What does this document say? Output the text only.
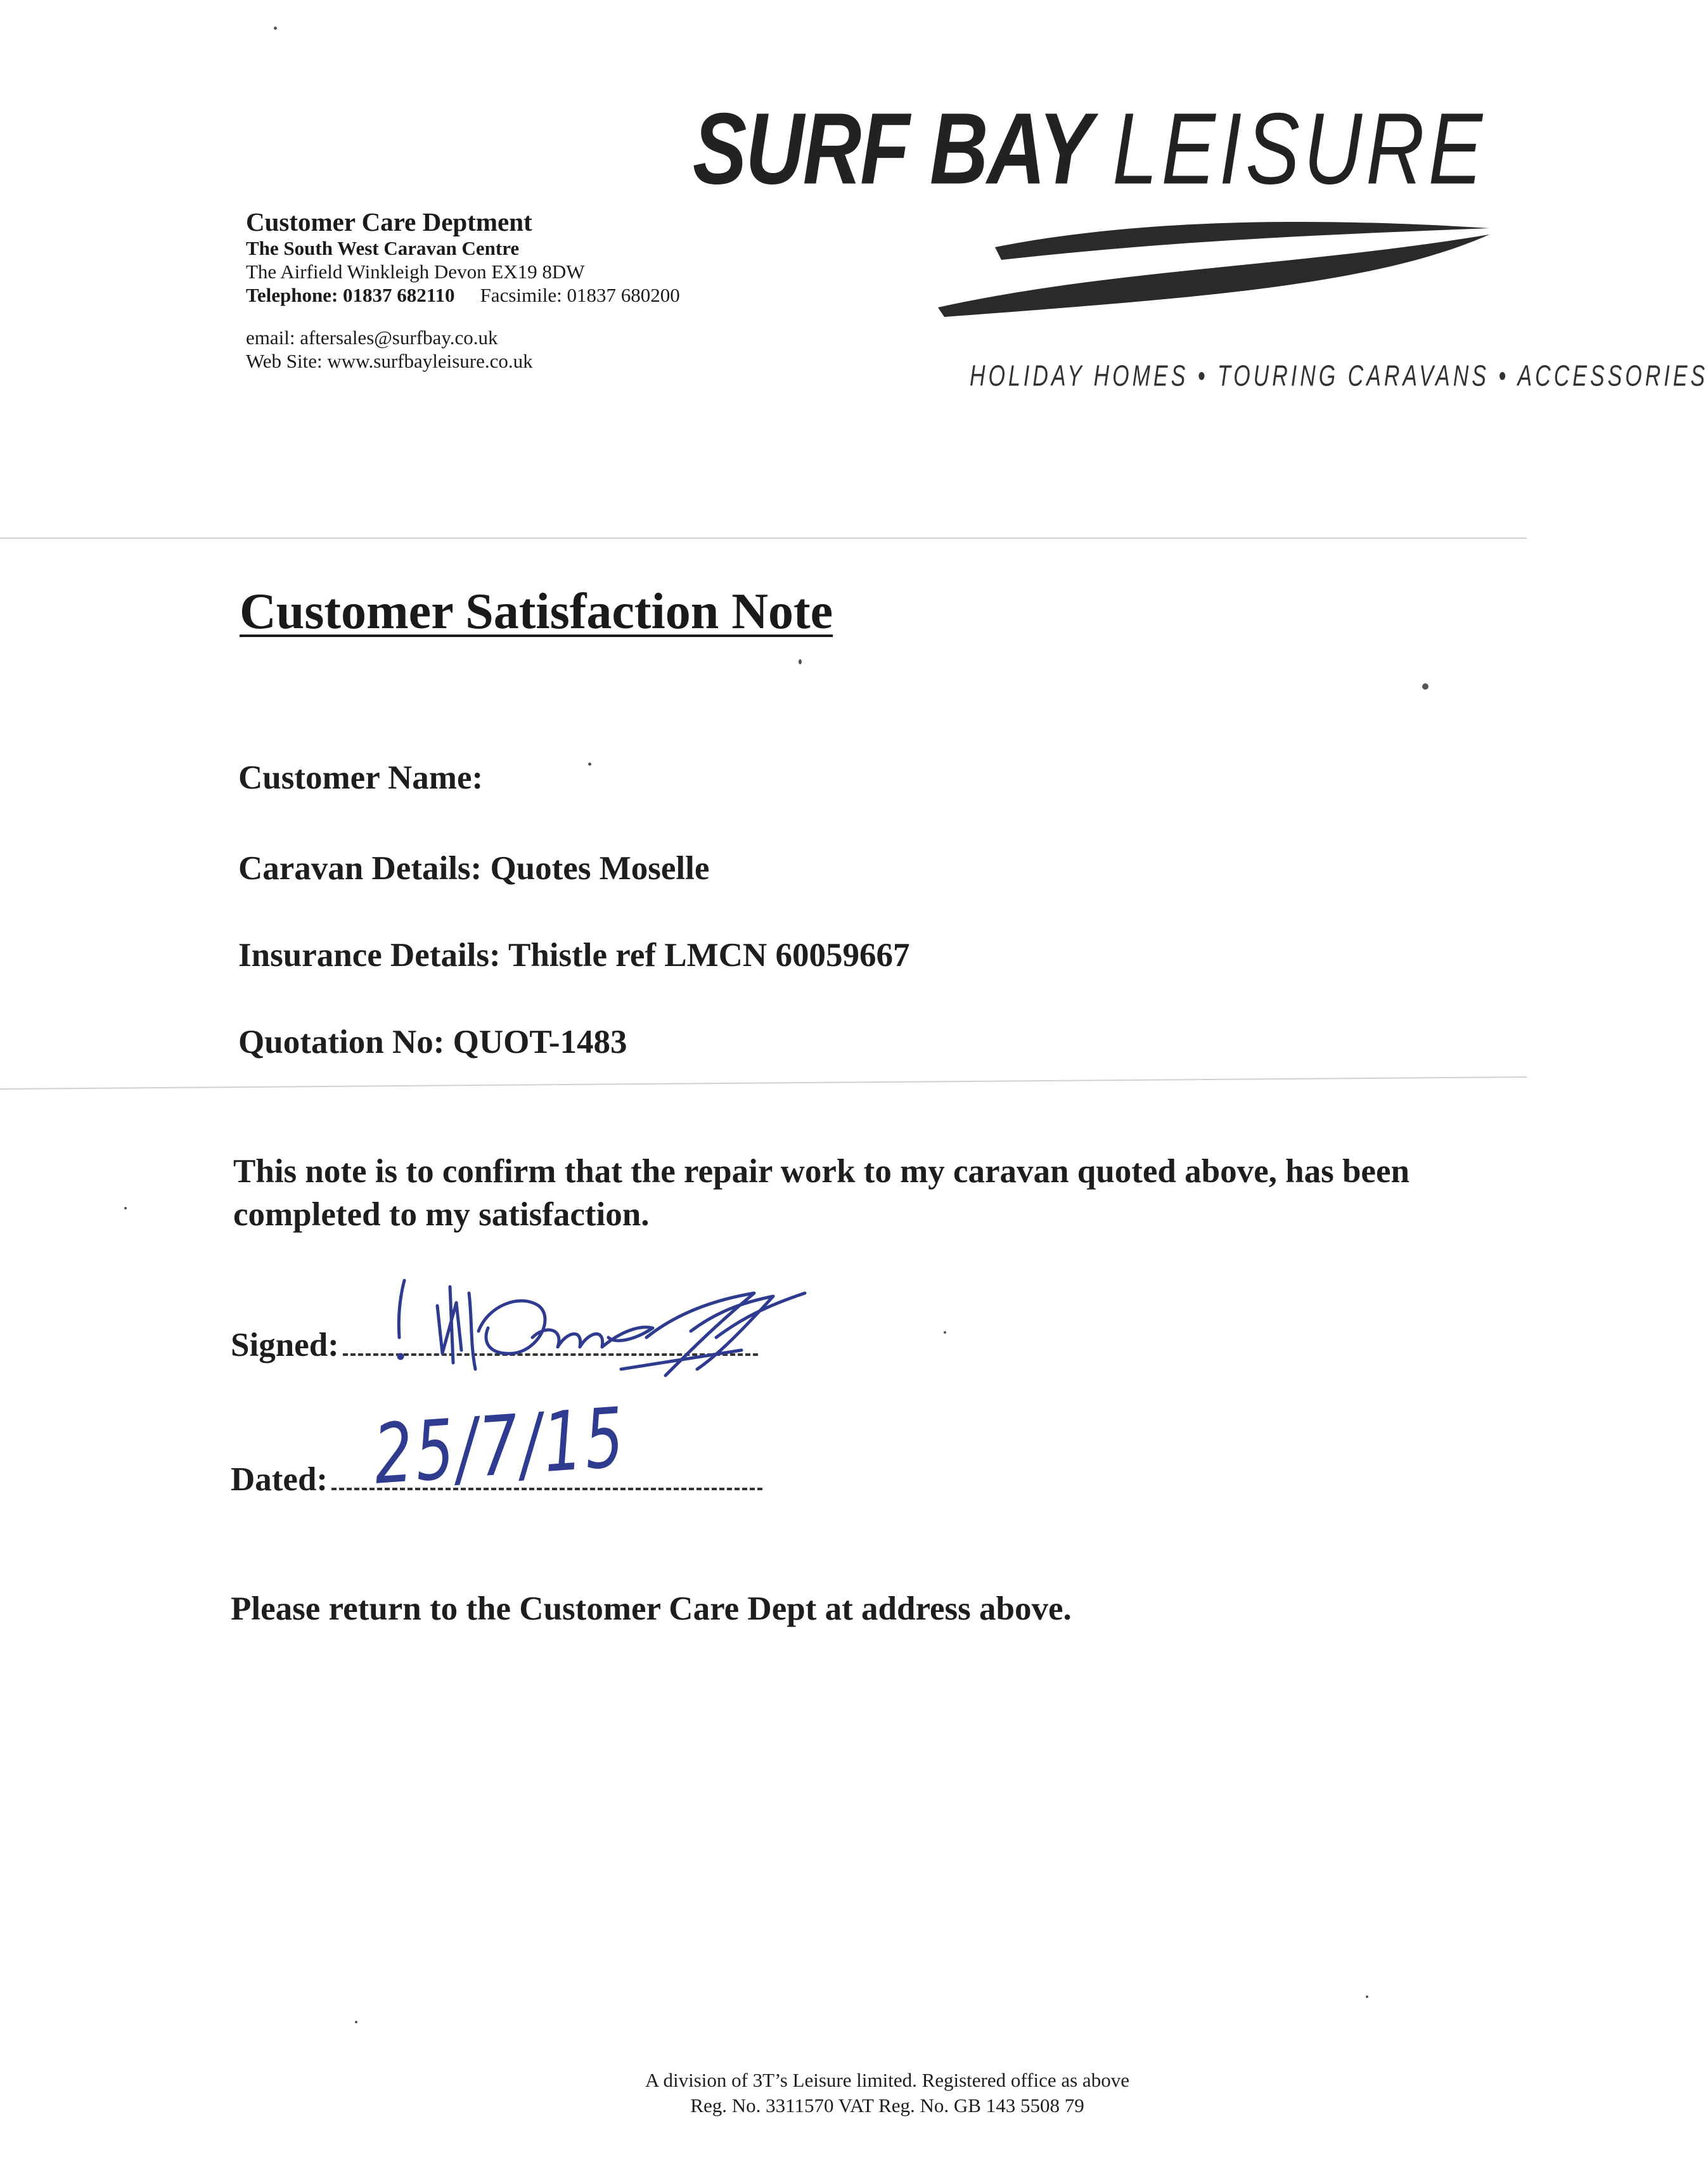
Customer Care Deptment
The South West Caravan Centre
The Airfield Winkleigh Devon EX19 8DW
Telephone: 01837 682110 Facsimile: 01837 680200
email: aftersales@surfbay.co.uk
Web Site: www.surfbayleisure.co.uk
SURF BAY LEISURE
HOLIDAY HOMES • TOURING CARAVANS • ACCESSORIES
Customer Satisfaction Note
Customer Name:
Caravan Details: Quotes Moselle
Insurance Details: Thistle ref LMCN 60059667
Quotation No: QUOT-1483
This note is to confirm that the repair work to my caravan quoted above, has been completed to my satisfaction.
Signed:
Dated: 25/7/15
Please return to the Customer Care Dept at address above.
A division of 3T’s Leisure limited. Registered office as above
Reg. No. 3311570 VAT Reg. No. GB 143 5508 79
